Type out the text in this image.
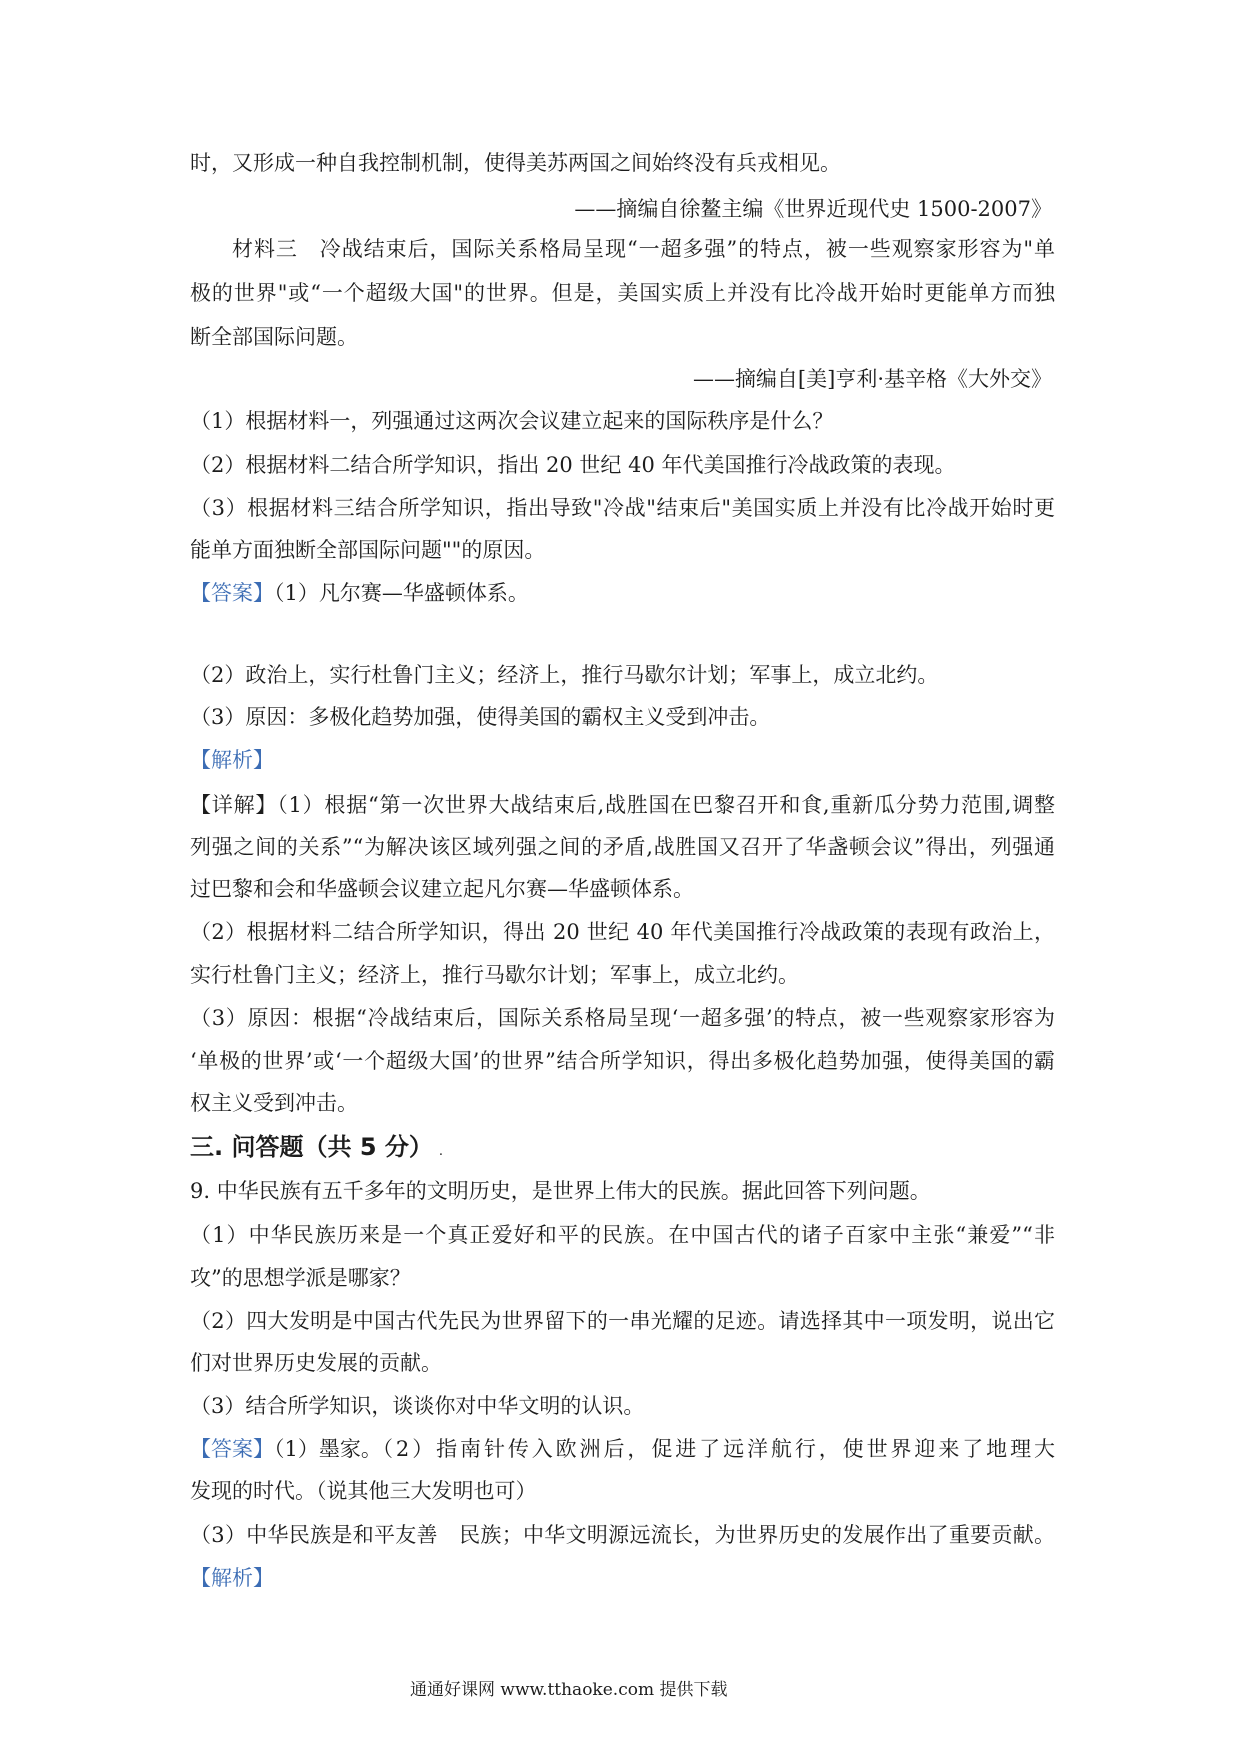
时，又形成一种自我控制机制，使得美苏两国之间始终没有兵戎相见。
——摘编自徐鳌主编《世界近现代史 1500-2007》
材料三　冷战结束后，国际关系格局呈现“一超多强”的特点，被一些观察家形容为"单
极的世界"或“一个超级大国"的世界。但是，美国实质上并没有比冷战开始时更能单方而独
断全部国际问题。
——摘编自[美]亨利·基辛格《大外交》
（1）根据材料一，列强通过这两次会议建立起来的国际秩序是什么？
（2）根据材料二结合所学知识，指出 20 世纪 40 年代美国推行冷战政策的表现。
（3）根据材料三结合所学知识，指出导致"冷战"结束后"美国实质上并没有比冷战开始时更
能单方面独断全部国际问题""的原因。
【答案】（1）凡尔赛—华盛顿体系。
（2）政治上，实行杜鲁门主义；经济上，推行马歇尔计划；军事上，成立北约。
（3）原因：多极化趋势加强，使得美国的霸权主义受到冲击。
【解析】
【详解】（1）根据“第一次世界大战结束后,战胜国在巴黎召开和食,重新瓜分势力范围,调整
列强之间的关系”“为解决该区域列强之间的矛盾,战胜国又召开了华盏顿会议”得出，列强通
过巴黎和会和华盛顿会议建立起凡尔赛—华盛顿体系。
（2）根据材料二结合所学知识，得出 20 世纪 40 年代美国推行冷战政策的表现有政治上，
实行杜鲁门主义；经济上，推行马歇尔计划；军事上，成立北约。
（3）原因：根据“冷战结束后，国际关系格局呈现‘一超多强’的特点，被一些观察家形容为
‘单极的世界’或‘一个超级大国’的世界”结合所学知识，得出多极化趋势加强，使得美国的霸
权主义受到冲击。
三. 问答题（共 5 分） .
9. 中华民族有五千多年的文明历史，是世界上伟大的民族。据此回答下列问题。
（1）中华民族历来是一个真正爱好和平的民族。在中国古代的诸子百家中主张“兼爱”“非
攻”的思想学派是哪家？
（2）四大发明是中国古代先民为世界留下的一串光耀的足迹。请选择其中一项发明，说出它
们对世界历史发展的贡献。
（3）结合所学知识，谈谈你对中华文明的认识。
【答案】（1）墨家。
（2）指南针传入欧洲后，促进了远洋航行，使世界迎来了地理大
发现的时代。（说其他三大发明也可）
（3）中华民族是和平友善　民族；中华文明源远流长，为世界历史的发展作出了重要贡献。
【解析】
通通好课网 www.tthaoke.com 提供下载
